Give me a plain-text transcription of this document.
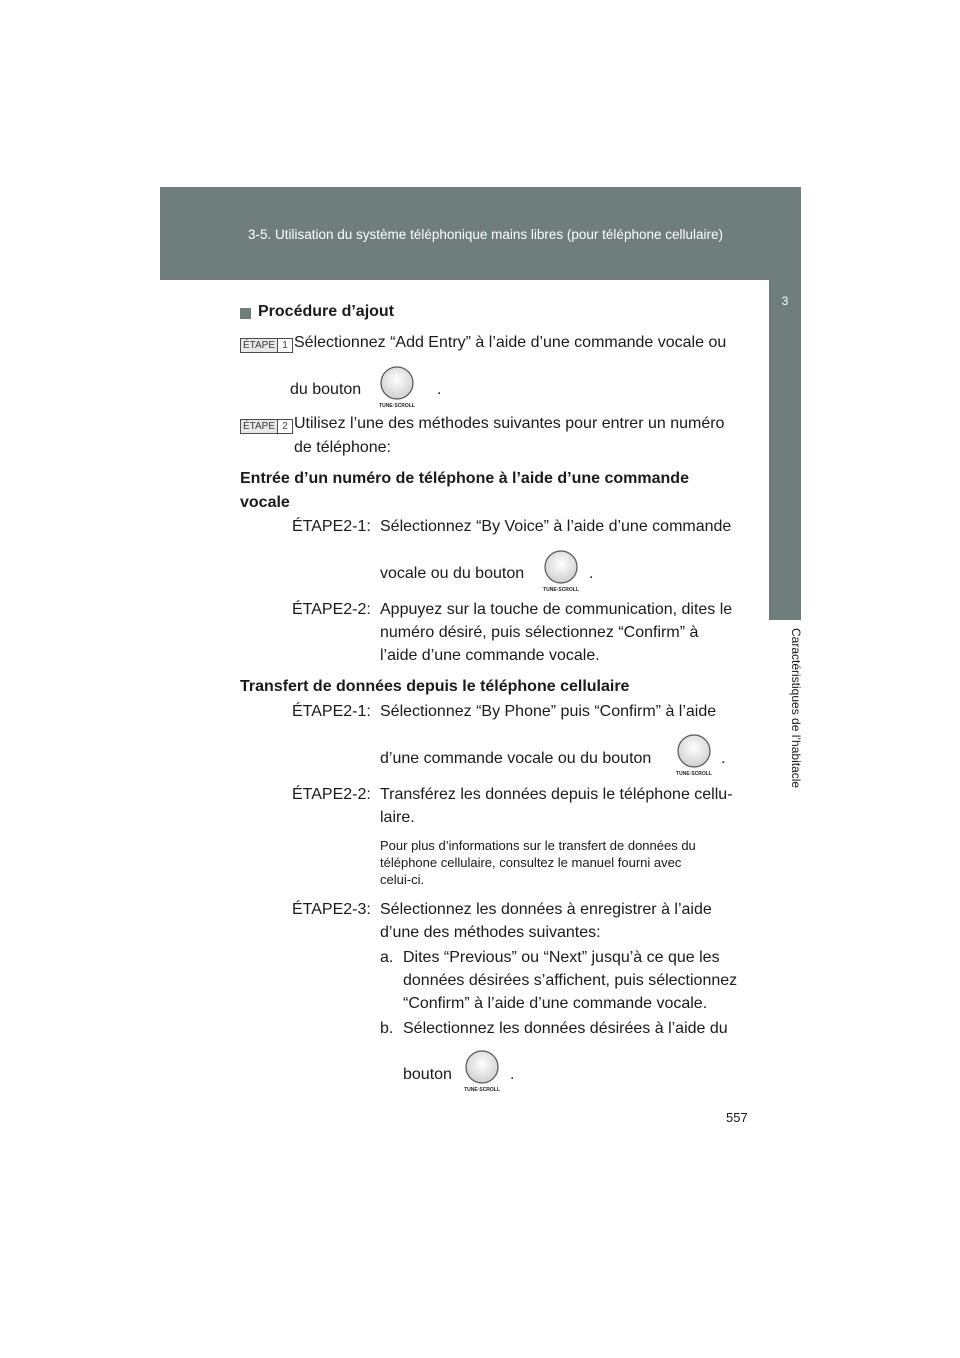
3-5. Utilisation du système téléphonique mains libres (pour téléphone cellulaire)
3
Caractéristiques de l’habitacle
Procédure d’ajout
ÉTAPE 1 Sélectionnez “Add Entry” à l’aide d’une commande vocale ou
du bouton
TUNE·SCROLL
.
ÉTAPE 2 Utilisez l’une des méthodes suivantes pour entrer un numéro
de téléphone:
Entrée d’un numéro de téléphone à l’aide d’une commande
vocale
ÉTAPE2-1: Sélectionnez “By Voice” à l’aide d’une commande
vocale ou du bouton
TUNE·SCROLL
.
ÉTAPE2-2: Appuyez sur la touche de communication, dites le
numéro désiré, puis sélectionnez “Confirm” à
l’aide d’une commande vocale.
Transfert de données depuis le téléphone cellulaire
ÉTAPE2-1: Sélectionnez “By Phone” puis “Confirm” à l’aide
d’une commande vocale ou du bouton
TUNE·SCROLL
.
ÉTAPE2-2: Transférez les données depuis le téléphone cellu-
laire.
Pour plus d’informations sur le transfert de données du
téléphone cellulaire, consultez le manuel fourni avec
celui-ci.
ÉTAPE2-3: Sélectionnez les données à enregistrer à l’aide
d’une des méthodes suivantes:
a. Dites “Previous” ou “Next” jusqu’à ce que les
données désirées s’affichent, puis sélectionnez
“Confirm” à l’aide d’une commande vocale.
b. Sélectionnez les données désirées à l’aide du
bouton
TUNE·SCROLL
.
557
